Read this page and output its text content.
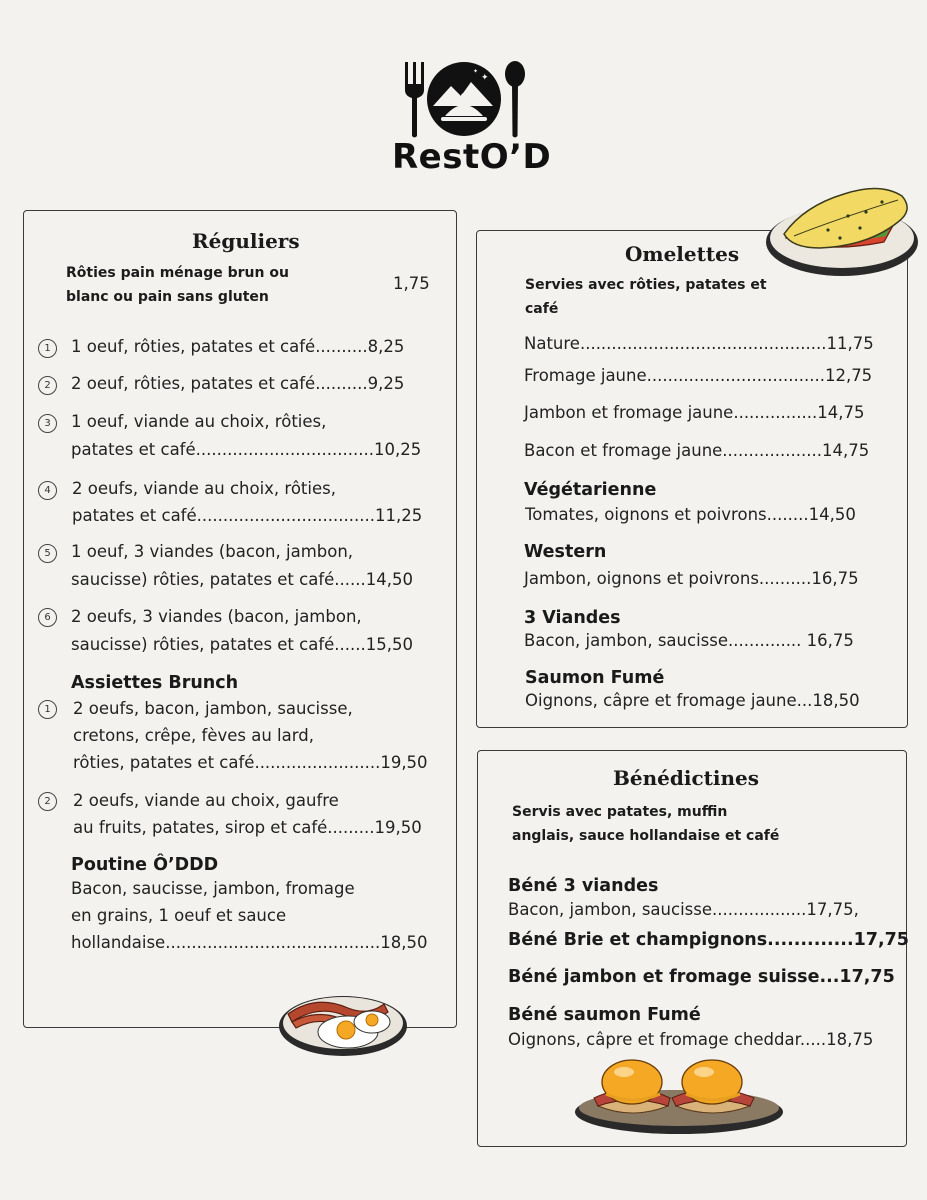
✦
✦
RestO’D
Réguliers
Rôties pain ménage brun ou
blanc ou pain sans gluten
1,75
1	1 oeuf, rôties, patates et café..........8,25
2	2 oeuf, rôties, patates et café..........9,25
3	1 oeuf, viande au choix, rôties,
patates et café..................................10,25
4	2 oeufs, viande au choix, rôties,
patates et café..................................11,25
5	1 oeuf, 3 viandes (bacon, jambon,
saucisse) rôties, patates et café......14,50
6	2 oeufs, 3 viandes (bacon, jambon,
saucisse) rôties, patates et café......15,50
Assiettes Brunch
1	2 oeufs, bacon, jambon, saucisse,
cretons, crêpe, fèves au lard,
rôties, patates et café........................19,50
2	2 oeufs, viande au choix, gaufre
au fruits, patates, sirop et café.........19,50
Poutine Ô’DDD
Bacon, saucisse, jambon, fromage
en grains, 1 oeuf et sauce
hollandaise.........................................18,50
Omelettes
Servies avec rôties, patates et
café
Nature...............................................11,75
Fromage jaune..................................12,75
Jambon et fromage jaune................14,75
Bacon et fromage jaune...................14,75
Végétarienne
Tomates, oignons et poivrons........14,50
Western
Jambon, oignons et poivrons..........16,75
3 Viandes
Bacon, jambon, saucisse.............. 16,75
Saumon Fumé
Oignons, câpre et fromage jaune...18,50
Bénédictines
Servis avec patates, muffin
anglais, sauce hollandaise et café
Béné 3 viandes
Bacon, jambon, saucisse..................17,75,
Béné Brie et champignons.............17,75
Béné jambon et fromage suisse...17,75
Béné saumon Fumé
Oignons, câpre et fromage cheddar.....18,75
